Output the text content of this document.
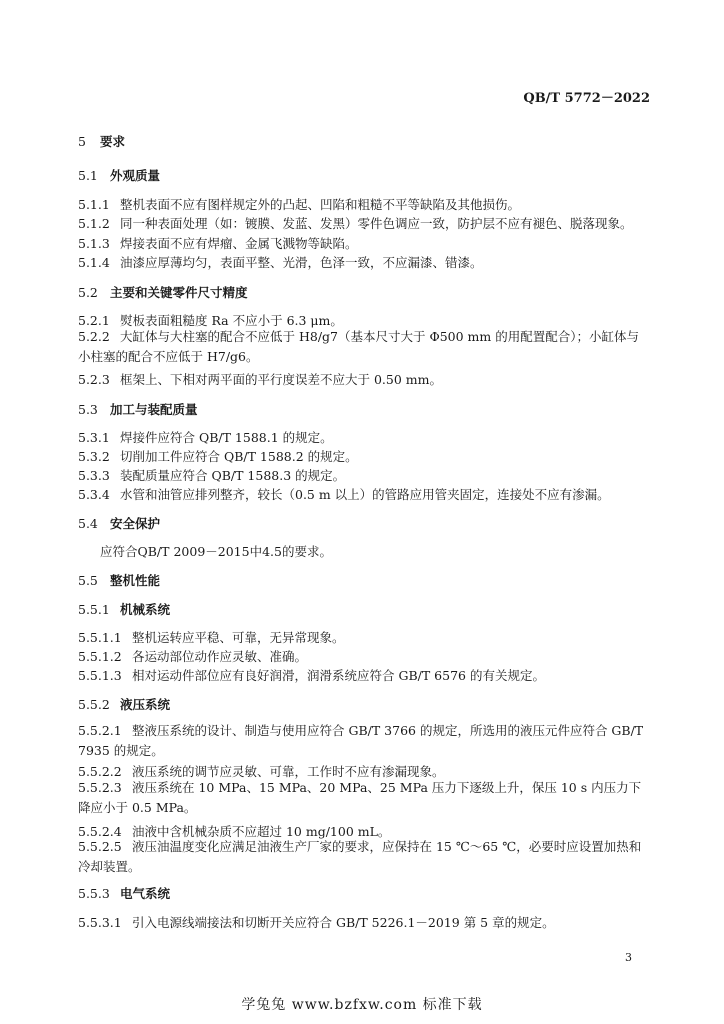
QB/T 5772－2022
5 要求
5.1 外观质量
5.1.1 整机表面不应有图样规定外的凸起、凹陷和粗糙不平等缺陷及其他损伤。
5.1.2 同一种表面处理（如：镀膜、发蓝、发黑）零件色调应一致，防护层不应有褪色、脱落现象。
5.1.3 焊接表面不应有焊瘤、金属飞溅物等缺陷。
5.1.4 油漆应厚薄均匀，表面平整、光滑，色泽一致，不应漏漆、错漆。
5.2 主要和关键零件尺寸精度
5.2.1 熨板表面粗糙度 Ra 不应小于 6.3 μm。
5.2.2 大缸体与大柱塞的配合不应低于 H8/g7（基本尺寸大于 Φ500 mm 的用配置配合）；小缸体与小柱塞的配合不应低于 H7/g6。
5.2.3 框架上、下相对两平面的平行度误差不应大于 0.50 mm。
5.3 加工与装配质量
5.3.1 焊接件应符合 QB/T 1588.1 的规定。
5.3.2 切削加工件应符合 QB/T 1588.2 的规定。
5.3.3 装配质量应符合 QB/T 1588.3 的规定。
5.3.4 水管和油管应排列整齐，较长（0.5 m 以上）的管路应用管夹固定，连接处不应有渗漏。
5.4 安全保护
应符合QB/T 2009－2015中4.5的要求。
5.5 整机性能
5.5.1 机械系统
5.5.1.1 整机运转应平稳、可靠，无异常现象。
5.5.1.2 各运动部位动作应灵敏、准确。
5.5.1.3 相对运动件部位应有良好润滑，润滑系统应符合 GB/T 6576 的有关规定。
5.5.2 液压系统
5.5.2.1 整液压系统的设计、制造与使用应符合 GB/T 3766 的规定，所选用的液压元件应符合 GB/T 7935 的规定。
5.5.2.2 液压系统的调节应灵敏、可靠，工作时不应有渗漏现象。
5.5.2.3 液压系统在 10 MPa、15 MPa、20 MPa、25 MPa 压力下逐级上升，保压 10 s 内压力下降应小于 0.5 MPa。
5.5.2.4 油液中含机械杂质不应超过 10 mg/100 mL。
5.5.2.5 液压油温度变化应满足油液生产厂家的要求，应保持在 15 ℃～65 ℃，必要时应设置加热和冷却装置。
5.5.3 电气系统
5.5.3.1 引入电源线端接法和切断开关应符合 GB/T 5226.1－2019 第 5 章的规定。
3
学兔兔 www.bzfxw.com 标准下载
